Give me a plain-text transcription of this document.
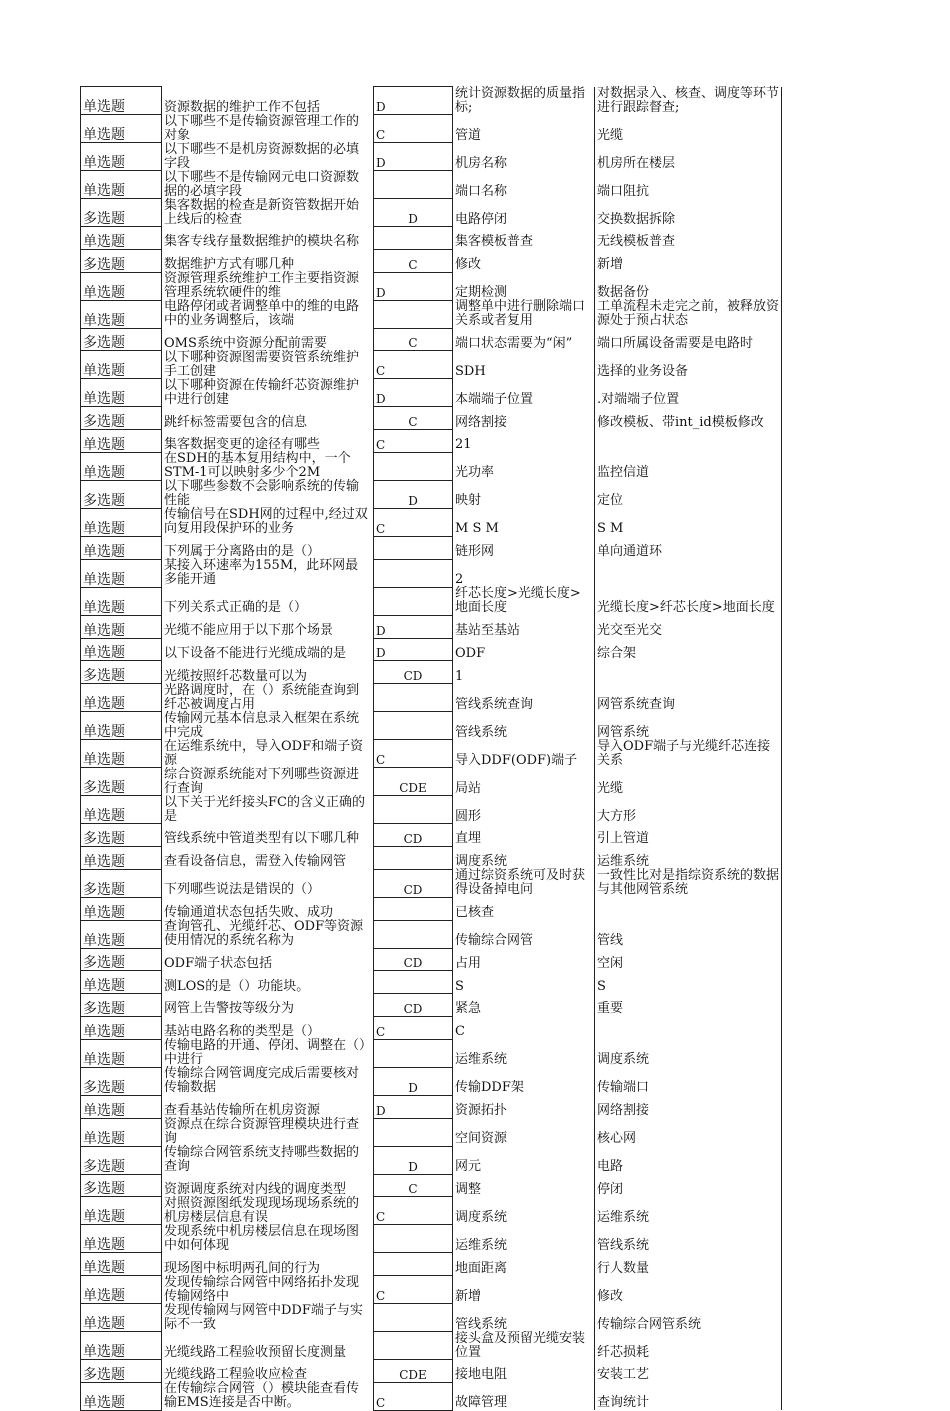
单选题	资源数据的维护工作不包括	D	统计资源数据的质量指标;	对数据录入、核查、调度等环节进行跟踪督查;

单选题	以下哪些不是传输资源管理工作的对象	C	管道	光缆

单选题	以下哪些不是机房资源数据的必填字段	D	机房名称	机房所在楼层

单选题	以下哪些不是传输网元电口资源数据的必填字段		端口名称	端口阻抗

多选题	集客数据的检查是新资管数据开始上线后的检查	D	电路停闭	交换数据拆除

单选题	集客专线存量数据维护的模块名称		集客模板普查	无线模板普查

多选题	数据维护方式有哪几种	C	修改	新增

单选题	资源管理系统维护工作主要指资源管理系统软硬件的维	D	定期检测	数据备份

单选题	电路停闭或者调整单中的维的电路中的业务调整后，该端		调整单中进行删除端口关系或者复用	工单流程未走完之前，被释放资源处于预占状态

多选题	OMS系统中资源分配前需要	C	端口状态需要为“闲”	端口所属设备需要是电路时

单选题	以下哪种资源图需要资管系统维护手工创建	C	SDH	选择的业务设备

单选题	以下哪种资源在传输纤芯资源维护中进行创建	D	本端端子位置	.对端端子位置

多选题	跳纤标签需要包含的信息	C	网络割接	修改模板、带int_id模板修改

单选题	集客数据变更的途径有哪些	C	21	

单选题	在SDH的基本复用结构中，一个STM-1可以映射多少个2M		光功率	监控信道

多选题	以下哪些参数不会影响系统的传输性能	D	映射	定位

单选题	传输信号在SDH网的过程中,经过双向复用段保护环的业务	C	M S M	S M

单选题	下列属于分离路由的是（）		链形网	单向通道环

单选题	某接入环速率为155M，此环网最多能开通		2	

单选题	下列关系式正确的是（）		纤芯长度>光缆长度>地面长度	光缆长度>纤芯长度>地面长度

单选题	光缆不能应用于以下那个场景	D	基站至基站	光交至光交

单选题	以下设备不能进行光缆成端的是	D	ODF	综合架

多选题	光缆按照纤芯数量可以为	CD	1	

单选题	光路调度时，在（）系统能查询到纤芯被调度占用		管线系统查询	网管系统查询

单选题	传输网元基本信息录入框架在系统中完成		管线系统	网管系统

单选题	在运维系统中，导入ODF和端子资源	C	导入DDF(ODF)端子	导入ODF端子与光缆纤芯连接关系

多选题	综合资源系统能对下列哪些资源进行查询	CDE	局站	光缆

单选题	以下关于光纤接头FC的含义正确的是		圆形	大方形

多选题	管线系统中管道类型有以下哪几种	CD	直埋	引上管道

单选题	查看设备信息，需登入传输网管		调度系统	运维系统

多选题	下列哪些说法是错误的（）	CD	通过综资系统可及时获得设备掉电问	一致性比对是指综资系统的数据与其他网管系统

单选题	传输通道状态包括失败、成功		已核查	

单选题	查询管孔、光缆纤芯、ODF等资源使用情况的系统名称为		传输综合网管	管线

多选题	ODF端子状态包括	CD	占用	空闲

单选题	测LOS的是（）功能块。		S	S

多选题	网管上告警按等级分为	CD	紧急	重要

单选题	基站电路名称的类型是（）	C	C	

单选题	传输电路的开通、停闭、调整在（）中进行		运维系统	调度系统

多选题	传输综合网管调度完成后需要核对传输数据	D	传输DDF架	传输端口

单选题	查看基站传输所在机房资源	D	资源拓扑	网络割接

单选题	资源点在综合资源管理模块进行查询		空间资源	核心网

多选题	传输综合网管系统支持哪些数据的查询	D	网元	电路

多选题	资源调度系统对内线的调度类型	C	调整	停闭

单选题	对照资源图纸发现现场现场系统的机房楼层信息有误	C	调度系统	运维系统

单选题	发现系统中机房楼层信息在现场图中如何体现		运维系统	管线系统

单选题	现场图中标明两孔间的行为		地面距离	行人数量

单选题	发现传输综合网管中网络拓扑发现传输网络中	C	新增	修改

单选题	发现传输网与网管中DDF端子与实际不一致		管线系统	传输综合网管系统

单选题	光缆线路工程验收预留长度测量		接头盒及预留光缆安装位置	纤芯损耗

多选题	光缆线路工程验收应检查	CDE	接地电阻	安装工艺

单选题	在传输综合网管（）模块能查看传输EMS连接是否中断。	C	故障管理	查询统计
